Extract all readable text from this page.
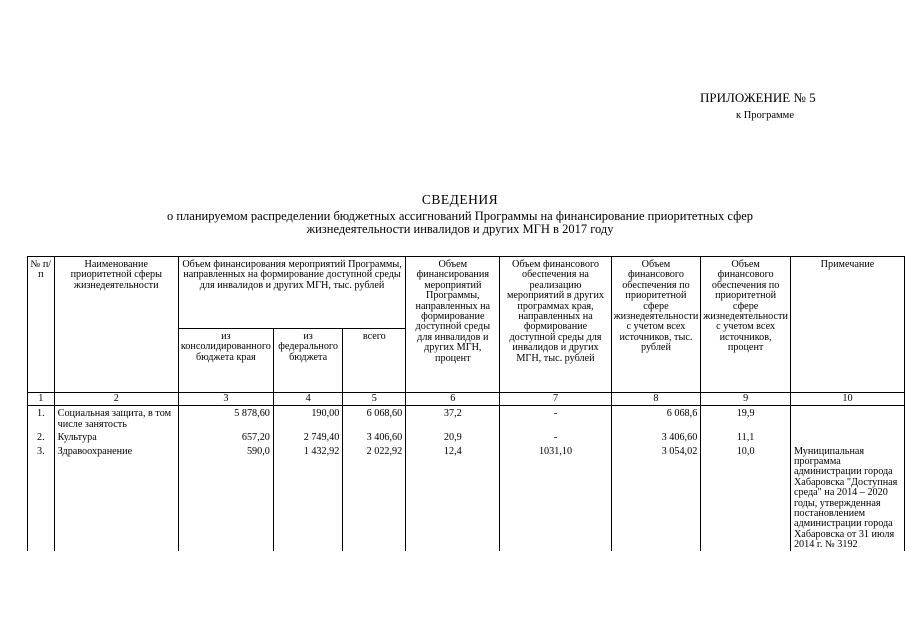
ПРИЛОЖЕНИЕ № 5
к Программе
СВЕДЕНИЯ
о планируемом распределении бюджетных ассигнований Программы на финансирование приоритетных сфер
жизнедеятельности инвалидов и других МГН в 2017 году
№ п/п	Наименование приоритетной сферы жизнедеятельности	Объем финансирования мероприятий Программы, направленных на формирование доступной среды для инвалидов и других МГН, тыс. рублей			Объем финансирования мероприятий Программы, направленных на формирование доступной среды для инвалидов и других МГН, процент	Объем финансового обеспечения на реализацию мероприятий в других программах края, направленных на формирование доступной среды для инвалидов и других МГН, тыс. рублей	Объем финансового обеспечения по приоритетной сфере жизнедеятельности с учетом всех источников, тыс. рублей	Объем финансового обеспечения по приоритетной сфере жизнедеятельности с учетом всех источников, процент	Примечание
		из консолидированного бюджета края	из федерального бюджета	всего					
1	2	3	4	5	6	7	8	9	10
1.	Социальная защита, в том числе занятость	5 878,60	190,00	6 068,60	37,2	-	6 068,6	19,9	
2.	Культура	657,20	2 749,40	3 406,60	20,9	-	3 406,60	11,1	
3.	Здравоохранение	590,0	1 432,92	2 022,92	12,4	1031,10	3 054,02	10,0	Муниципальная программа администрации города Хабаровска "Доступная среда" на 2014 – 2020 годы, утвержденная постановлением администрации города Хабаровска от 31 июля 2014 г. № 3192
